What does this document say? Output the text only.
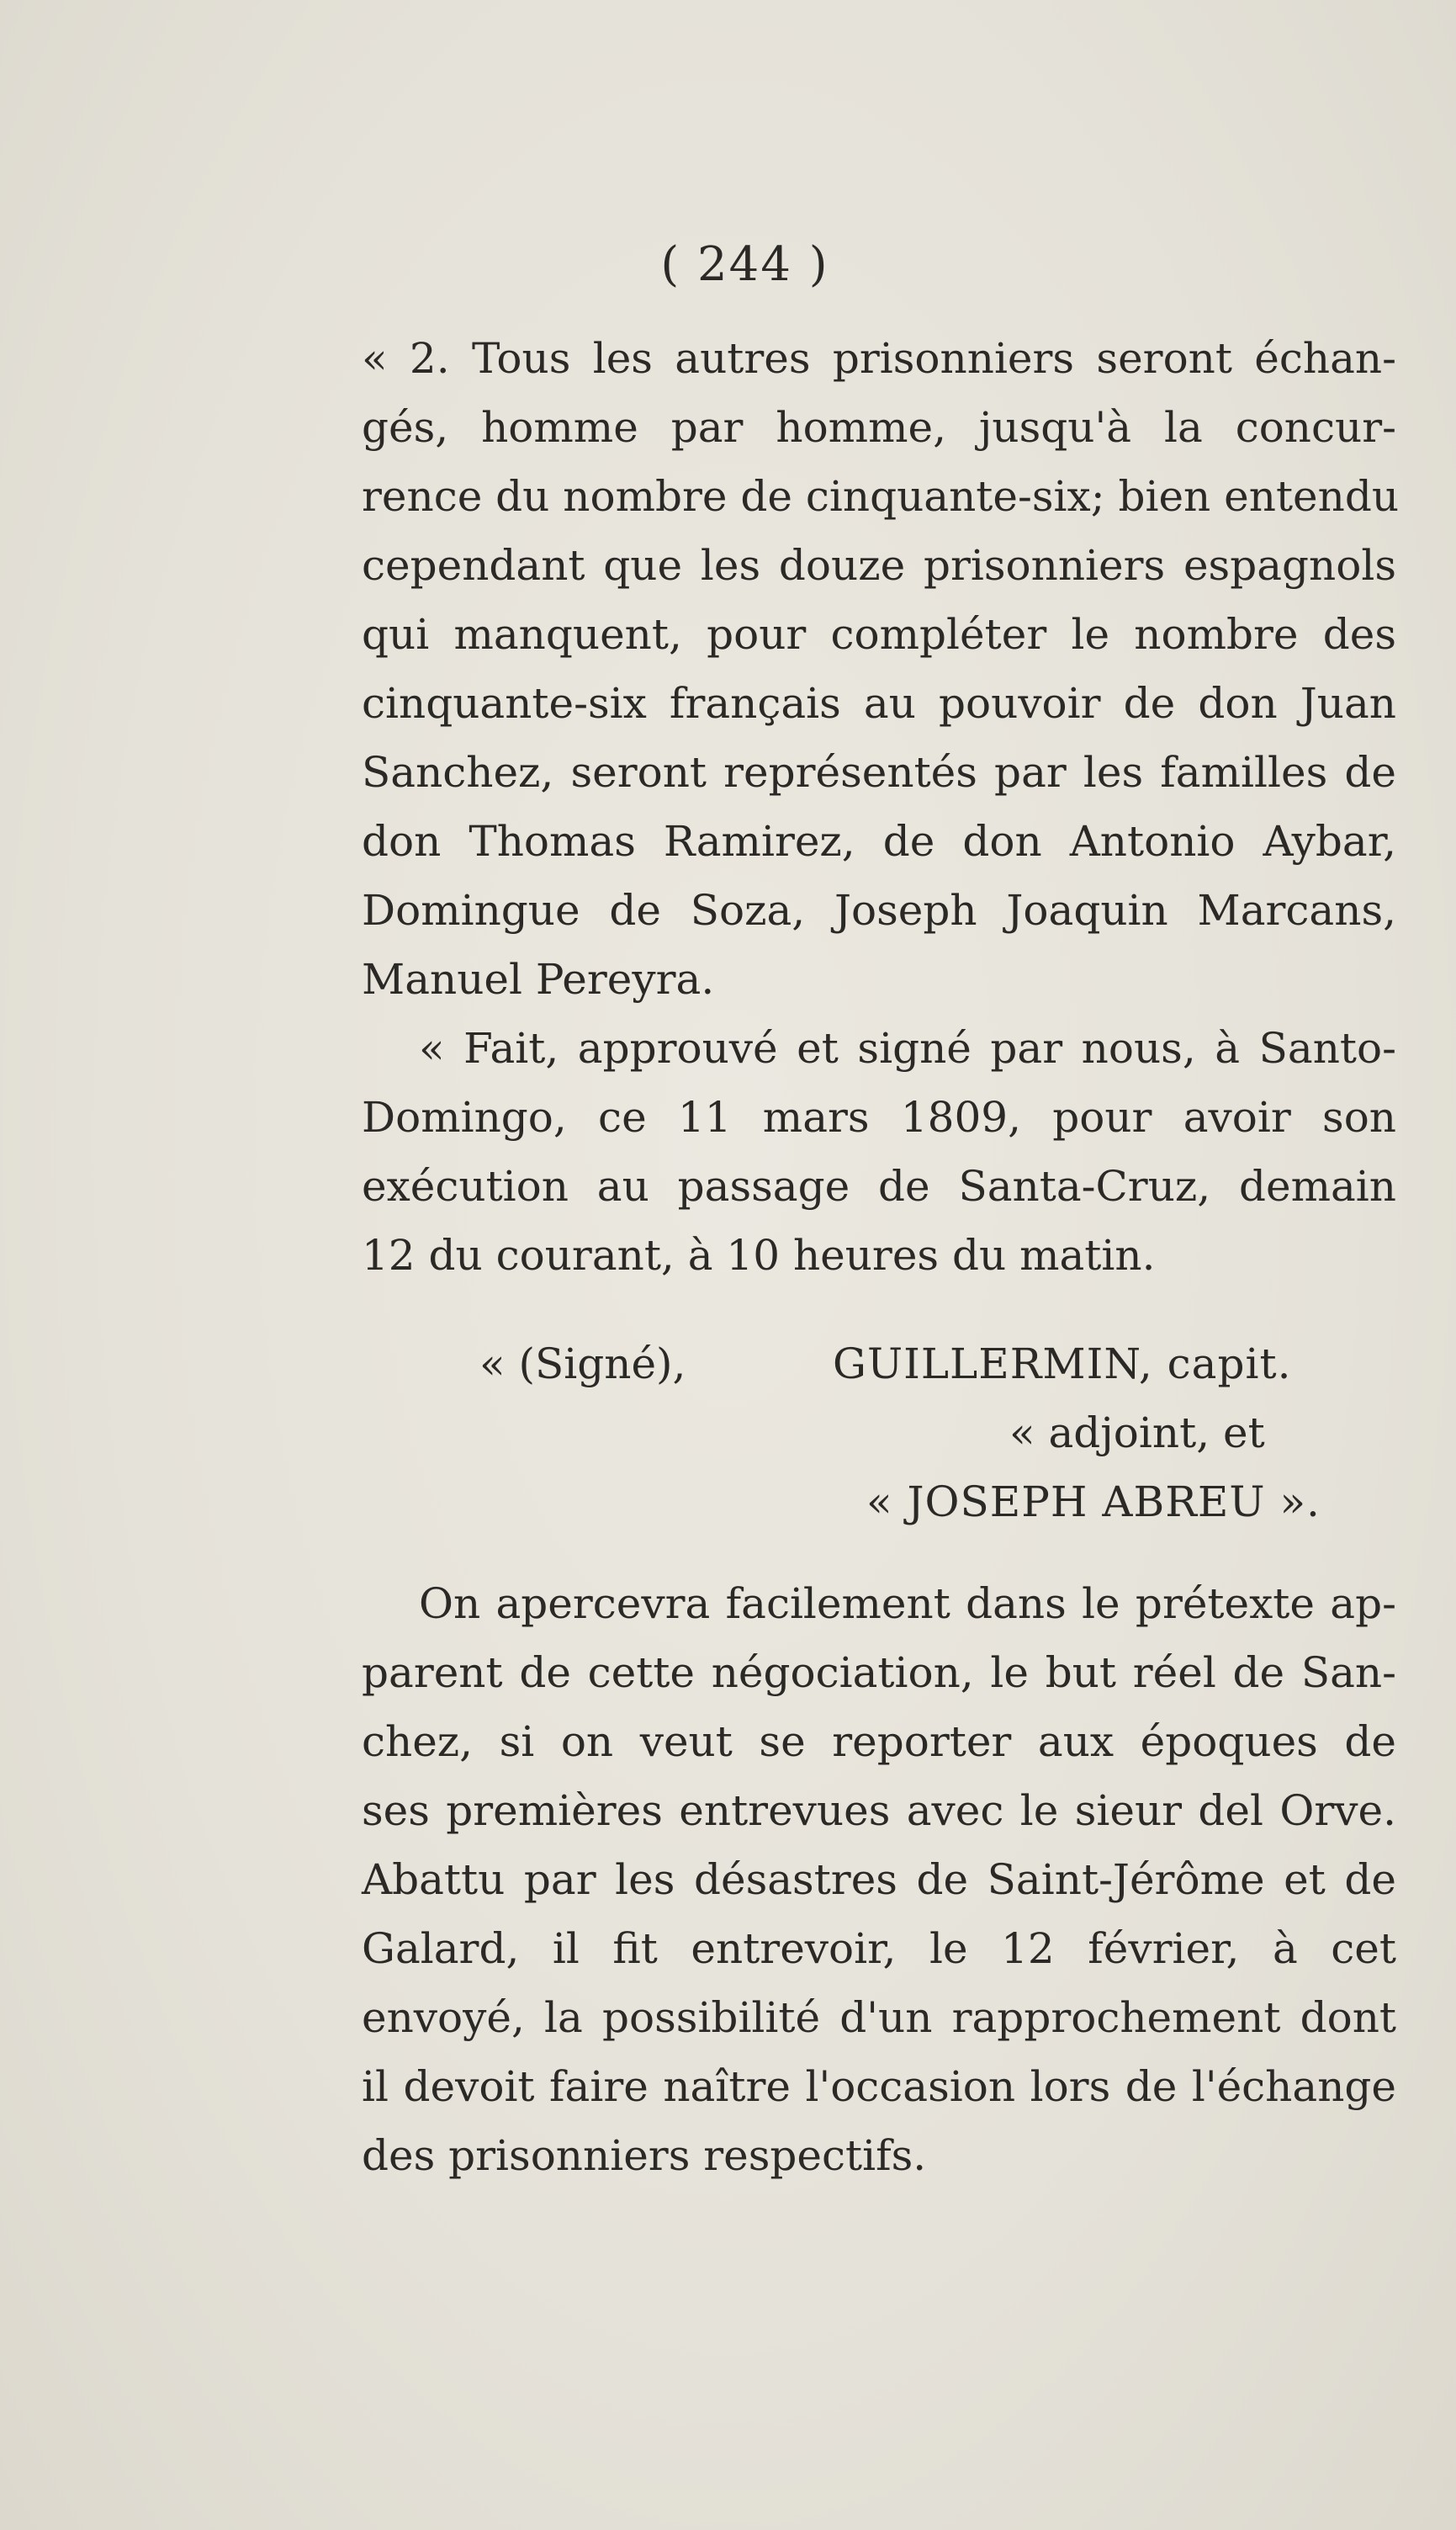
( 244 )
« 2. Tous les autres prisonniers seront échan-
gés, homme par homme, jusqu'à la concur-
rence du nombre de cinquante-six; bien entendu
cependant que les douze prisonniers espagnols
qui manquent, pour compléter le nombre des
cinquante-six français au pouvoir de don Juan
Sanchez, seront représentés par les familles de
don Thomas Ramirez, de don Antonio Aybar,
Domingue de Soza, Joseph Joaquin Marcans,
Manuel Pereyra.
« Fait, approuvé et signé par nous, à Santo-
Domingo, ce 11 mars 1809, pour avoir son
exécution au passage de Santa-Cruz, demain
12 du courant, à 10 heures du matin.
« (Signé),	GUILLERMIN, capit.
« adjoint, et
« JOSEPH ABREU ».
On apercevra facilement dans le prétexte ap-
parent de cette négociation, le but réel de San-
chez, si on veut se reporter aux époques de
ses premières entrevues avec le sieur del Orve.
Abattu par les désastres de Saint-Jérôme et de
Galard, il fit entrevoir, le 12 février, à cet
envoyé, la possibilité d'un rapprochement dont
il devoit faire naître l'occasion lors de l'échange
des prisonniers respectifs.
